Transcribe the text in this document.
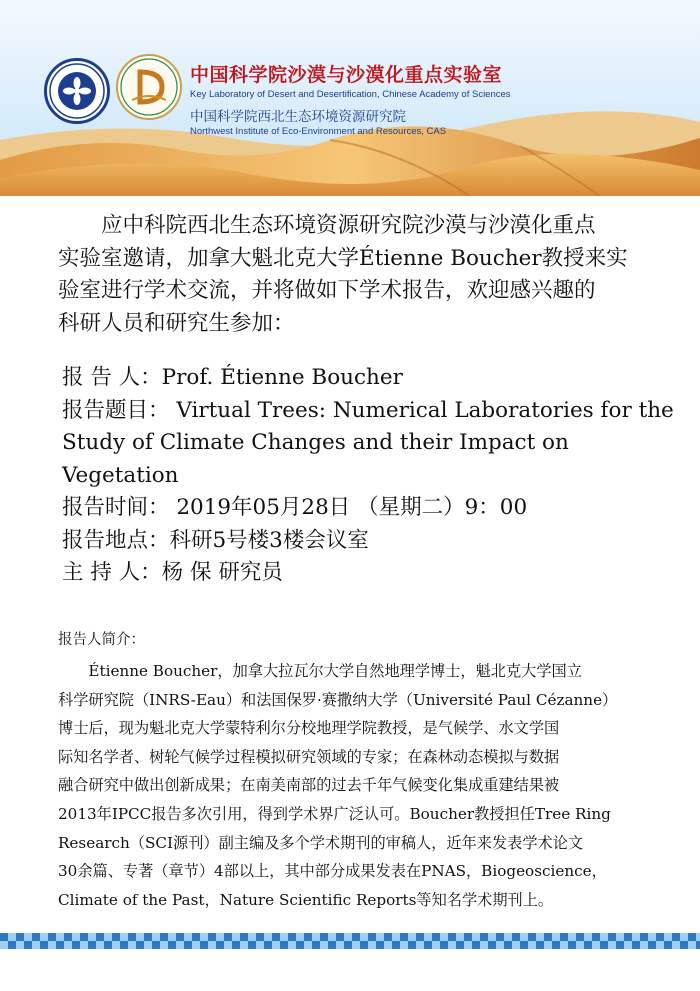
中国科学院沙漠与沙漠化重点实验室
Key Laboratory of Desert and Desertification, Chinese Academy of Sciences
中国科学院西北生态环境资源研究院
Northwest Institute of Eco-Environment and Resources, CAS

　　应中科院西北生态环境资源研究院沙漠与沙漠化重点

实验室邀请，加拿大魁北克大学Étienne Boucher教授来实

验室进行学术交流，并将做如下学术报告，欢迎感兴趣的

科研人员和研究生参加：

报 告 人：Prof. Étienne Boucher
报告题目： Virtual Trees: Numerical Laboratories for the
Study of Climate Changes and their Impact on Vegetation
报告时间： 2019年05月28日 （星期二）9：00
报告地点：科研5号楼3楼会议室
主 持 人：杨 保 研究员
报告人简介：

Étienne Boucher，加拿大拉瓦尔大学自然地理学博士，魁北克大学国立

科学研究院（INRS-Eau）和法国保罗·赛撒纳大学（Université Paul Cézanne）

博士后，现为魁北克大学蒙特利尔分校地理学院教授，是气候学、水文学国

际知名学者、树轮气候学过程模拟研究领域的专家；在森林动态模拟与数据

融合研究中做出创新成果；在南美南部的过去千年气候变化集成重建结果被

2013年IPCC报告多次引用，得到学术界广泛认可。Boucher教授担任Tree Ring

Research（SCI源刊）副主编及多个学术期刊的审稿人，近年来发表学术论文

30余篇、专著（章节）4部以上，其中部分成果发表在PNAS，Biogeoscience，

Climate of the Past，Nature Scientific Reports等知名学术期刊上。
